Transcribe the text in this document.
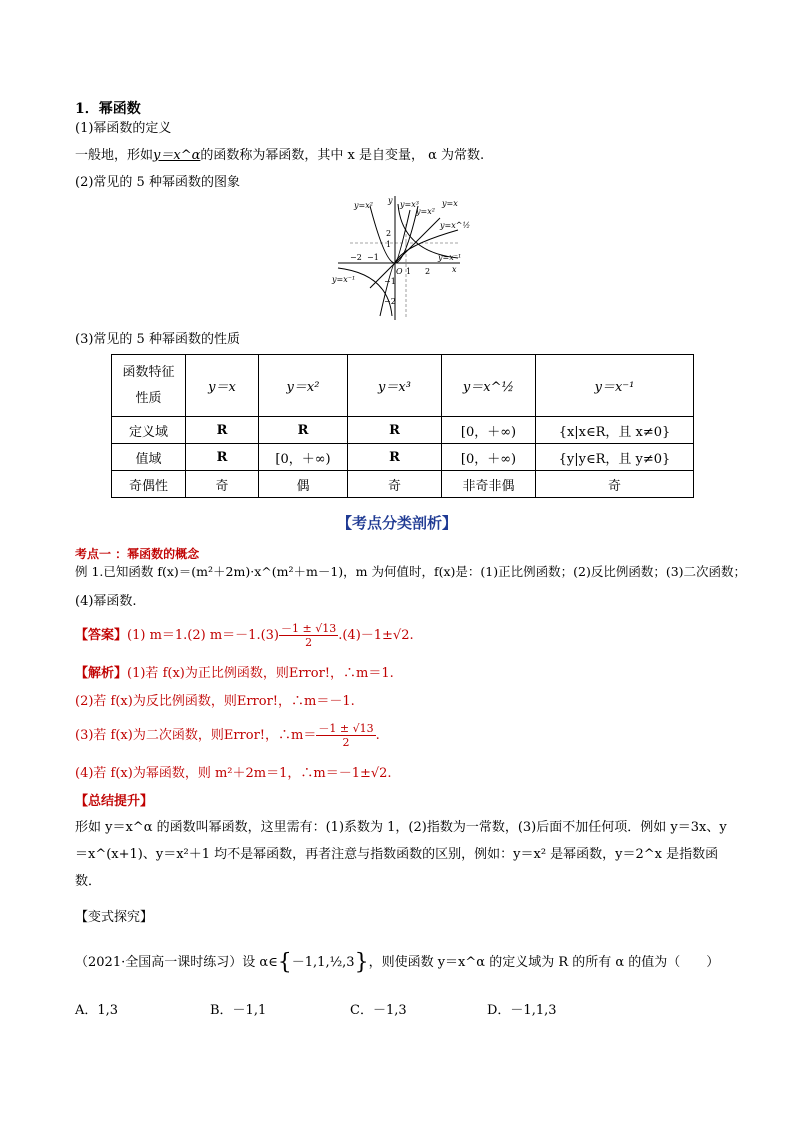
1．幂函数
(1)幂函数的定义
一般地，形如y＝x^α的函数称为幂函数，其中 x 是自变量， α 为常数.
(2)常见的 5 种幂函数的图象
y=x²	y=x³
y=x²
y=x
y=x^½
y=x⁻¹
y=x⁻¹
2
1
−2 −1
O 1 2
−1
−2
x
y
(3)常见的 5 种幂函数的性质
函数特征
性质	y＝x	y＝x²	y＝x³	y＝x^½	y＝x⁻¹
定义域	R	R	R	[0，＋∞)	{x|x∈R，且 x≠0}
值域	R	[0，＋∞)	R	[0，＋∞)	{y|y∈R，且 y≠0}
奇偶性	奇	偶	奇	非奇非偶	奇
【考点分类剖析】
考点一 ：幂函数的概念
例 1.已知函数 f(x)＝(m²＋2m)·x^(m²＋m－1)，m 为何值时，f(x)是：(1)正比例函数；(2)反比例函数；(3)二次函数；
(4)幂函数.
【答案】(1) m＝1.(2) $m=-1.(3) \frac{-1 \pm √13}{2} .(4)-1\pm√2$.
【解析】(1)若 f(x)为正比例函数，则Error!，∴m＝1.
(2)若 f(x)为反比例函数，则Error!，∴m＝－1.
(3)若 f(x)为二次函数，则Error!，∴m＝ $\frac{-1 \pm √13}{2}$ .
(4)若 f(x)为幂函数，则 m²＋2m＝1，∴m＝－1±√2.
【总结提升】
形如 y＝x^α 的函数叫幂函数，这里需有：(1)系数为 1，(2)指数为一常数，(3)后面不加任何项．例如 y＝3x、y
＝x^(x+1)、y＝x²＋1 均不是幂函数，再者注意与指数函数的区别，例如：y＝x² 是幂函数，y＝2^x 是指数函
数．
【变式探究】
（2021·全国高一课时练习）设 α∈{－1,1,½,3}，则使函数 y＝x^α 的定义域为 R 的所有 α 的值为（　　）
A．1,3	B．－1,1	C．－1,3	D．－1,1,3
